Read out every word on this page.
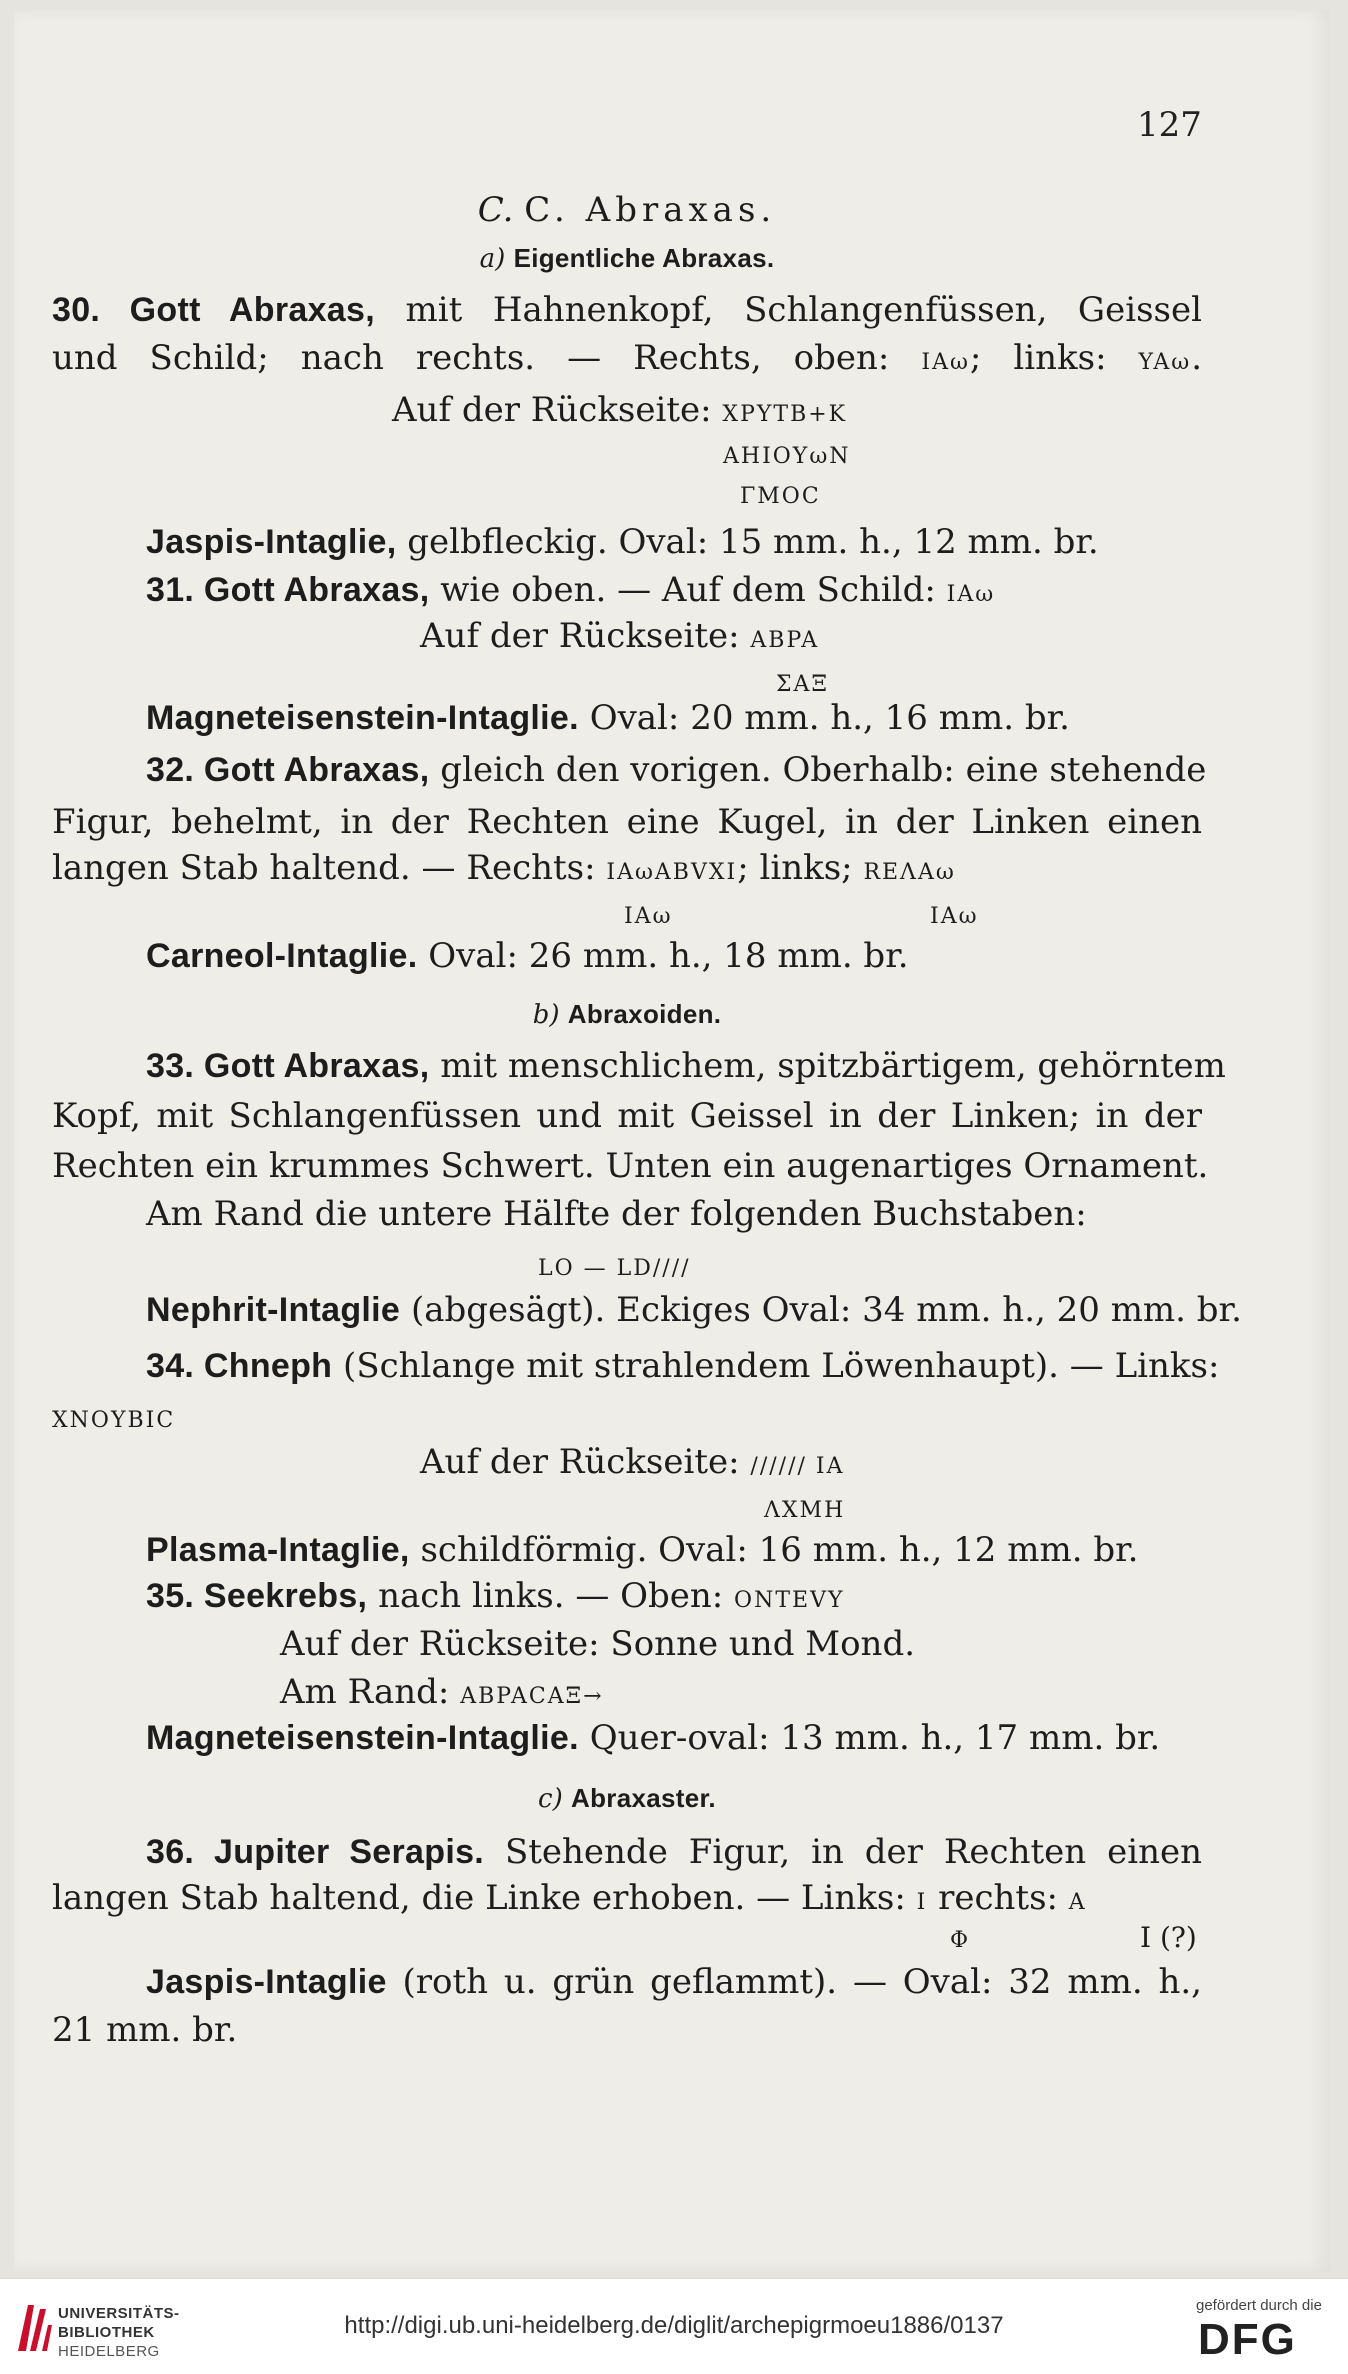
127
C. C. Abraxas.
a) Eigentliche Abraxas.
30. Gott Abraxas, mit Hahnenkopf, Schlangenfüssen, Geissel
und Schild; nach rechts. — Rechts, oben: IAω; links: YAω.
Auf der Rückseite: XPYTB+K
AHIOYωN
ΓMOC
Jaspis-Intaglie, gelbfleckig. Oval: 15 mm. h., 12 mm. br.
31. Gott Abraxas, wie oben. — Auf dem Schild: IAω
Auf der Rückseite: ABPA
ΣAΞ
Magneteisenstein-Intaglie. Oval: 20 mm. h., 16 mm. br.
32. Gott Abraxas, gleich den vorigen. Oberhalb: eine stehende
Figur, behelmt, in der Rechten eine Kugel, in der Linken einen
langen Stab haltend. — Rechts: IAωABVXI; links; REΛAω
IAω	IAω
Carneol-Intaglie. Oval: 26 mm. h., 18 mm. br.
b) Abraxoiden.
33. Gott Abraxas, mit menschlichem, spitzbärtigem, gehörntem
Kopf, mit Schlangenfüssen und mit Geissel in der Linken; in der
Rechten ein krummes Schwert. Unten ein augenartiges Ornament.
Am Rand die untere Hälfte der folgenden Buchstaben:
LO — LD////
Nephrit-Intaglie (abgesägt). Eckiges Oval: 34 mm. h., 20 mm. br.
34. Chneph (Schlange mit strahlendem Löwenhaupt). — Links:
XNOYBIC
Auf der Rückseite: ////// IA
ΛXMH
Plasma-Intaglie, schildförmig. Oval: 16 mm. h., 12 mm. br.
35. Seekrebs, nach links. — Oben: ONTEVY
Auf der Rückseite: Sonne und Mond.
Am Rand: ABPACAΞ→
Magneteisenstein-Intaglie. Quer-oval: 13 mm. h., 17 mm. br.
c) Abraxaster.
36. Jupiter Serapis. Stehende Figur, in der Rechten einen
langen Stab haltend, die Linke erhoben. — Links: I rechts: A
Φ	I (?)
Jaspis-Intaglie (roth u. grün geflammt). — Oval: 32 mm. h.,
21 mm. br.
UNIVERSITÄTS-
BIBLIOTHEK
HEIDELBERG
http://digi.ub.uni-heidelberg.de/diglit/archepigrmoeu1886/0137
gefördert durch die
DFG
